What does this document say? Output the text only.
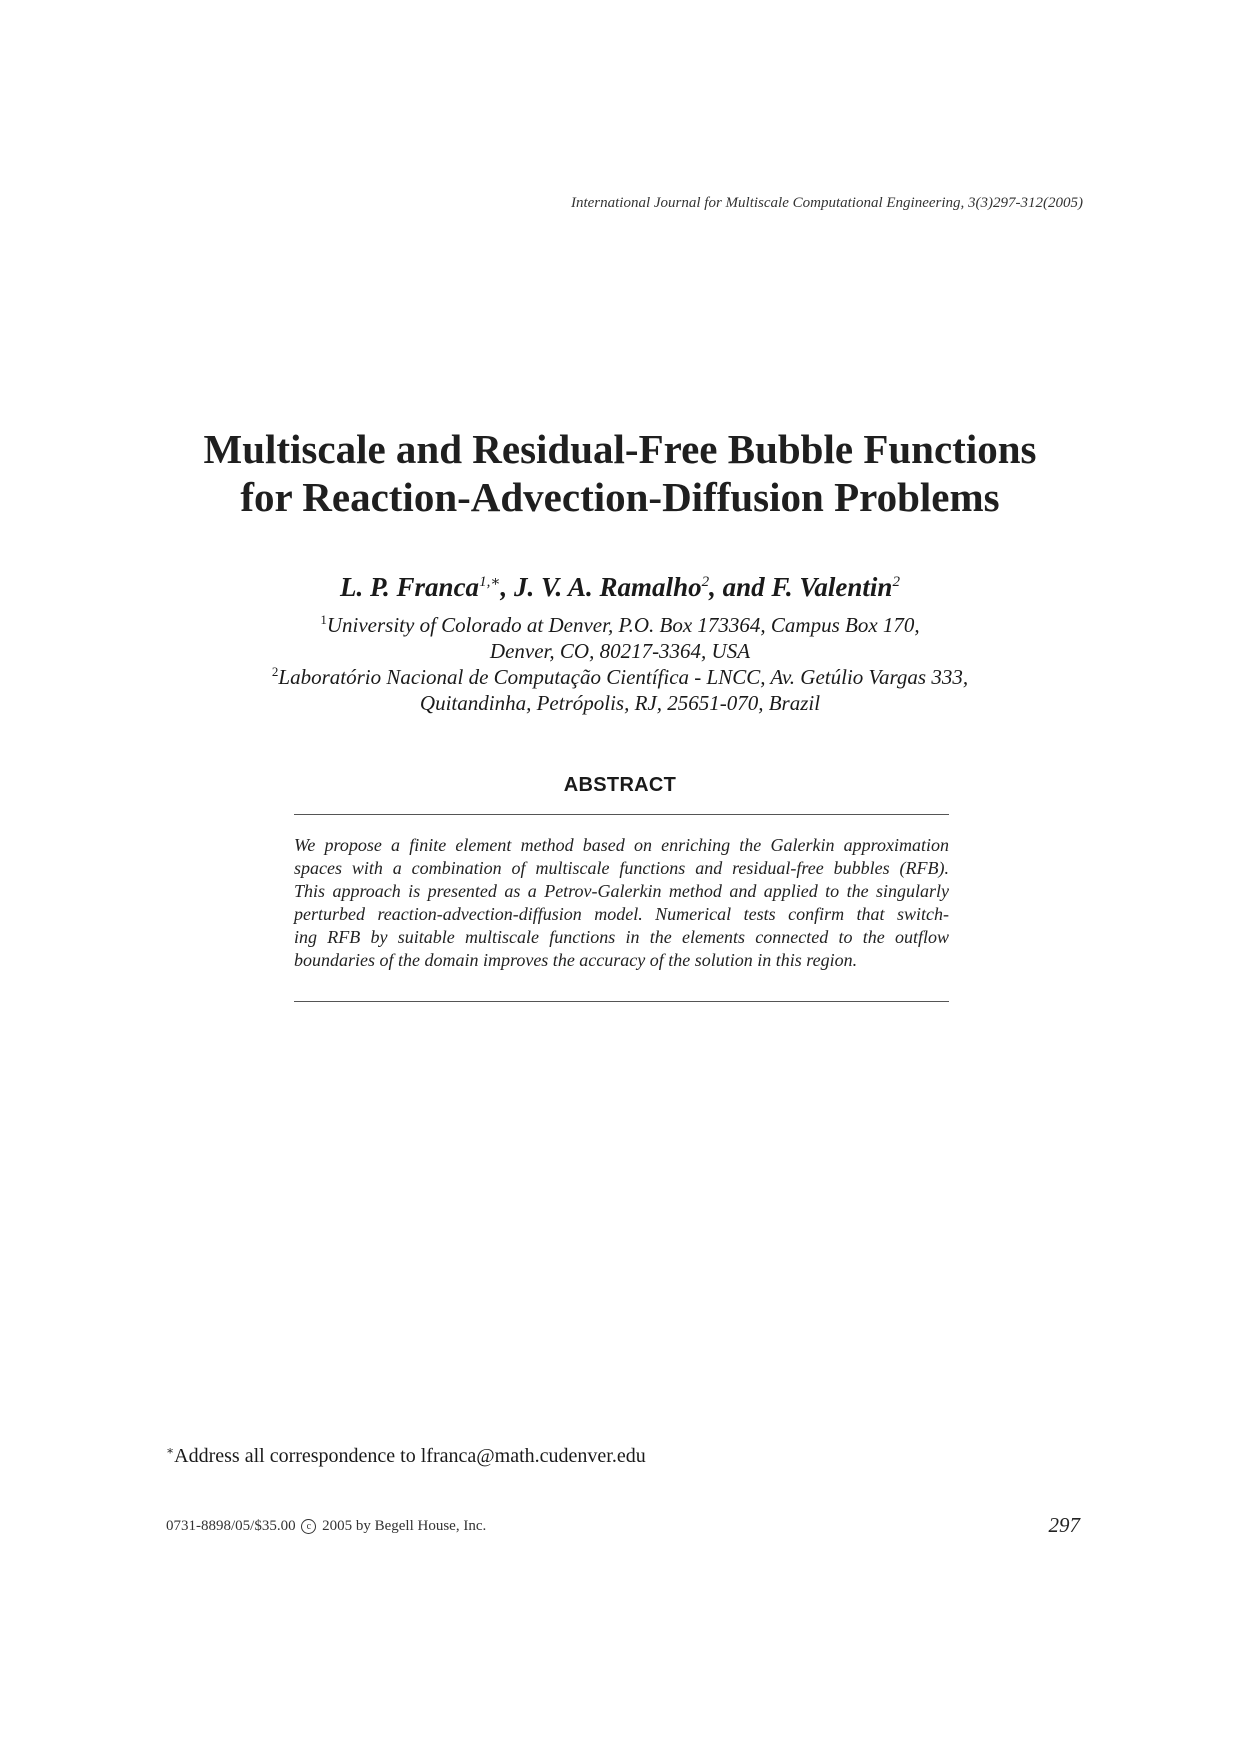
International Journal for Multiscale Computational Engineering, 3(3)297-312(2005)
Multiscale and Residual-Free Bubble Functions
for Reaction-Advection-Diffusion Problems
L. P. Franca$^{1,∗}$, J. V. A. Ramalho$^2$, and F. Valentin$^2$
$^1$University of Colorado at Denver, P.O. Box 173364, Campus Box 170,
Denver, CO, 80217-3364, USA
$^2$Laboratório Nacional de Computação Científica - LNCC, Av. Getúlio Vargas 333,
Quitandinha, Petrópolis, RJ, 25651-070, Brazil
ABSTRACT
We propose a finite element method based on enriching the Galerkin approximation
spaces with a combination of multiscale functions and residual-free bubbles (RFB).
This approach is presented as a Petrov-Galerkin method and applied to the singularly
perturbed reaction-advection-diffusion model. Numerical tests confirm that switch-
ing RFB by suitable multiscale functions in the elements connected to the outflow
boundaries of the domain improves the accuracy of the solution in this region.
∗Address all correspondence to lfranca@math.cudenver.edu
0731-8898/05/$35.00 c 2005 by Begell House, Inc.	297
